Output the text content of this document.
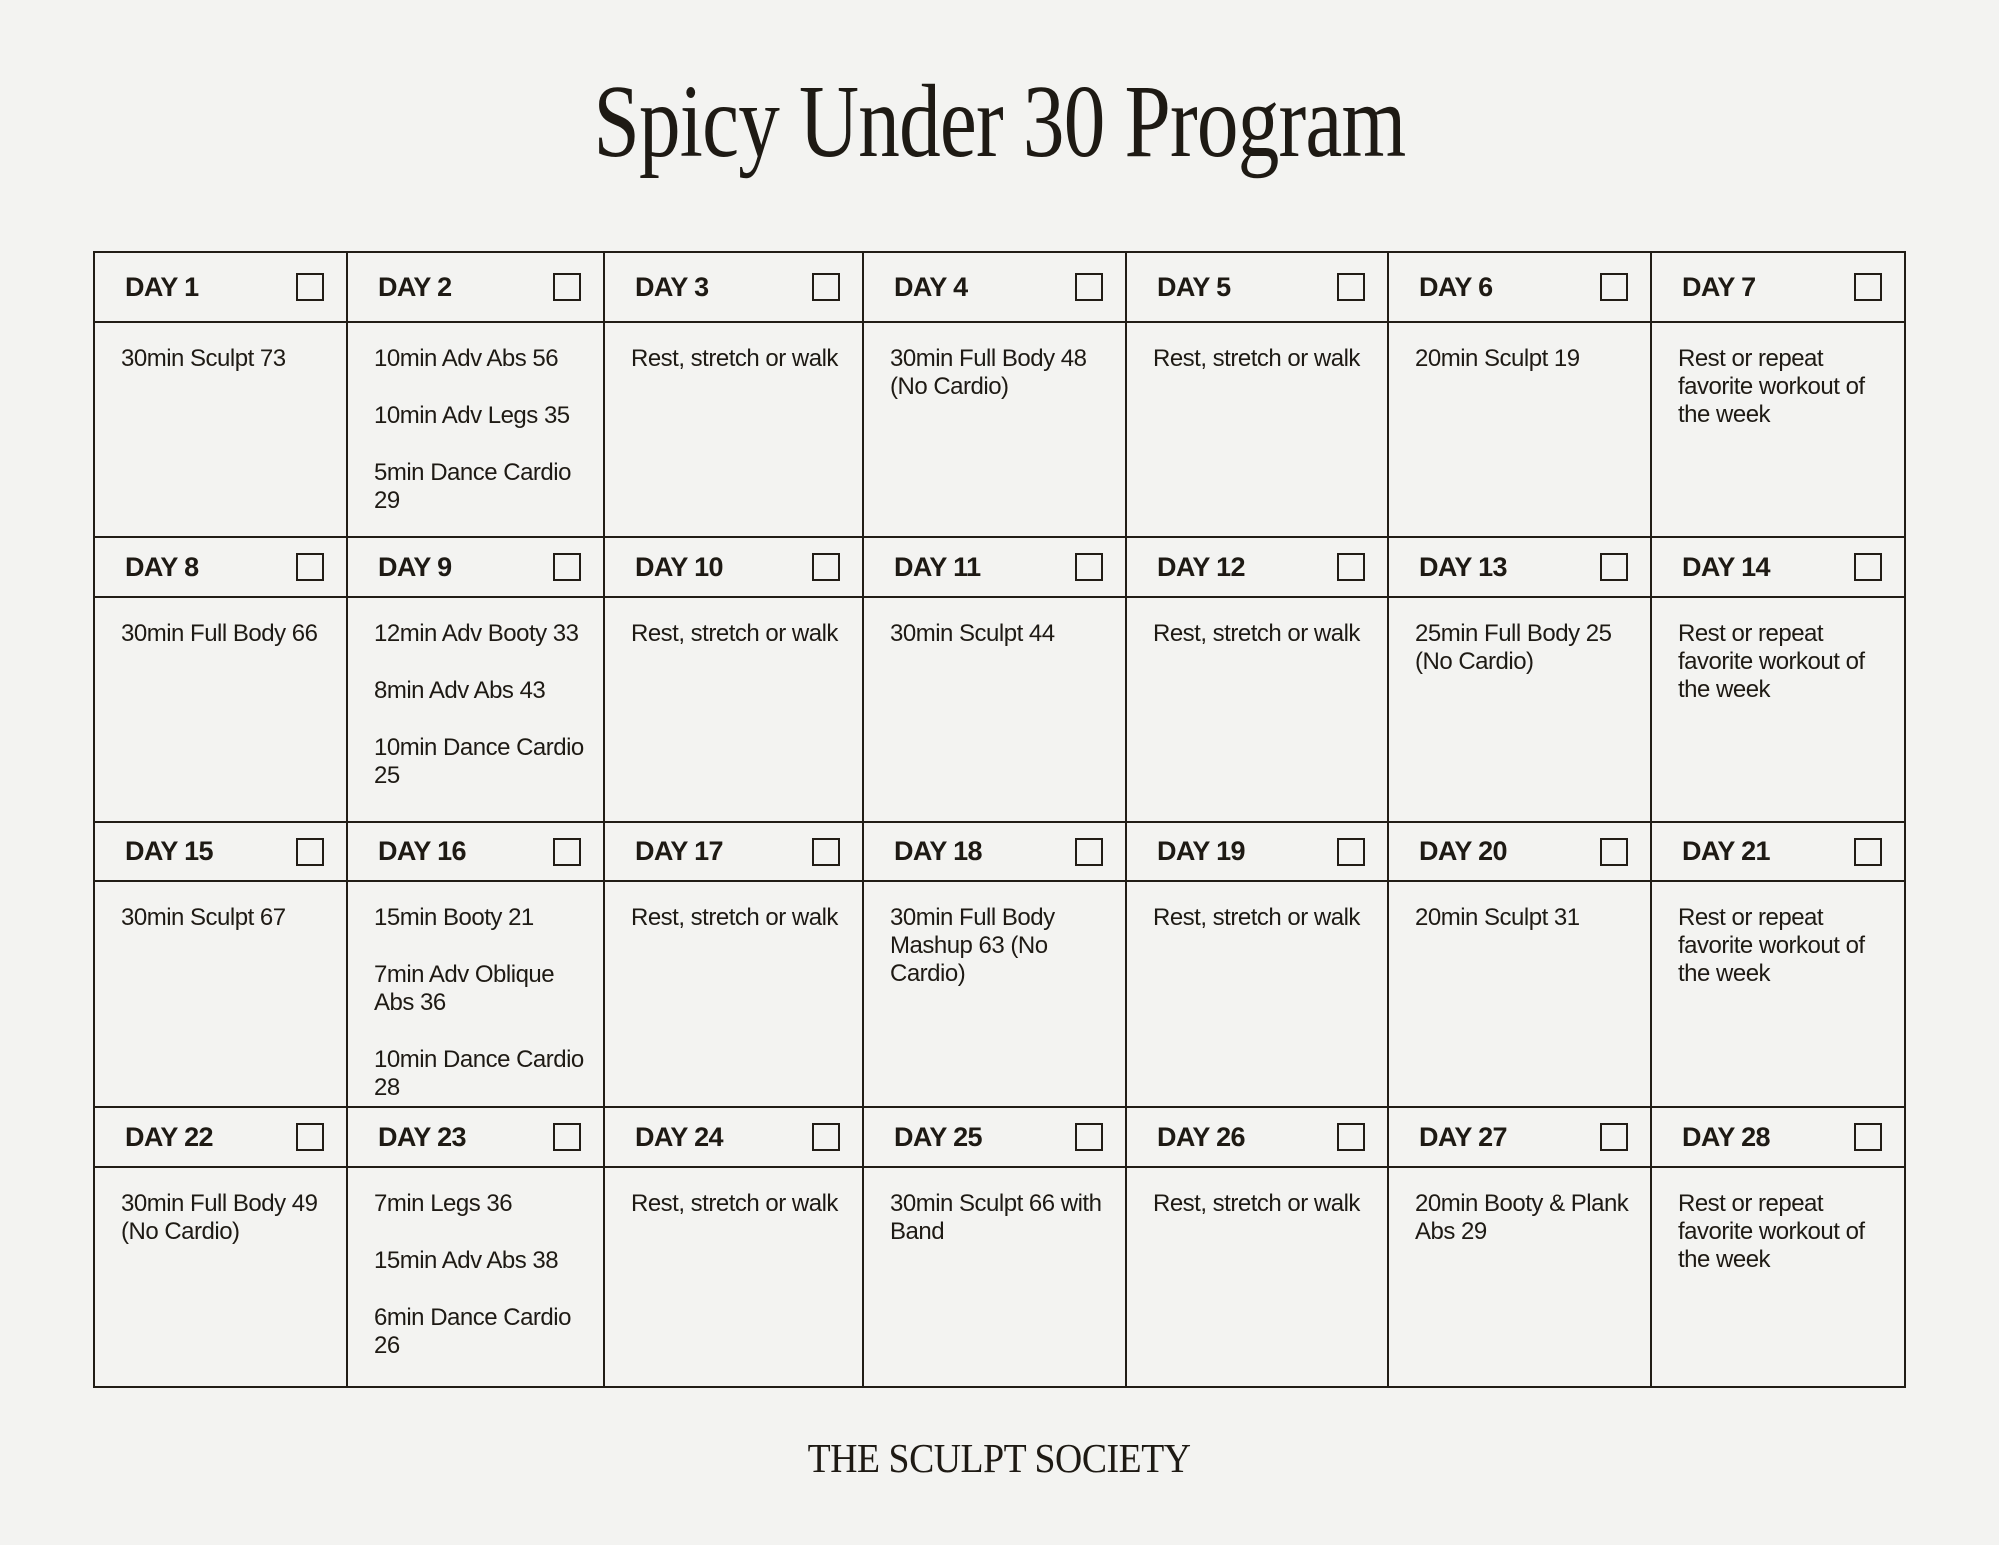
Spicy Under 30 Program
DAY 1
30min Sculpt 73
DAY 2
10min Adv Abs 56
10min Adv Legs 35
5min Dance Cardio 29
DAY 3
Rest, stretch or walk
DAY 4
30min Full Body 48 (No Cardio)
DAY 5
Rest, stretch or walk
DAY 6
20min Sculpt 19
DAY 7
Rest or repeat favorite workout of the week
DAY 8
30min Full Body 66
DAY 9
12min Adv Booty 33
8min Adv Abs 43
10min Dance Cardio 25
DAY 10
Rest, stretch or walk
DAY 11
30min Sculpt 44
DAY 12
Rest, stretch or walk
DAY 13
25min Full Body 25 (No Cardio)
DAY 14
Rest or repeat favorite workout of the week
DAY 15
30min Sculpt 67
DAY 16
15min Booty 21
7min Adv Oblique Abs 36
10min Dance Cardio 28
DAY 17
Rest, stretch or walk
DAY 18
30min Full Body Mashup 63 (No Cardio)
DAY 19
Rest, stretch or walk
DAY 20
20min Sculpt 31
DAY 21
Rest or repeat favorite workout of the week
DAY 22
30min Full Body 49 (No Cardio)
DAY 23
7min Legs 36
15min Adv Abs 38
6min Dance Cardio 26
DAY 24
Rest, stretch or walk
DAY 25
30min Sculpt 66 with Band
DAY 26
Rest, stretch or walk
DAY 27
20min Booty & Plank Abs 29
DAY 28
Rest or repeat favorite workout of the week
THE SCULPT SOCIETY
